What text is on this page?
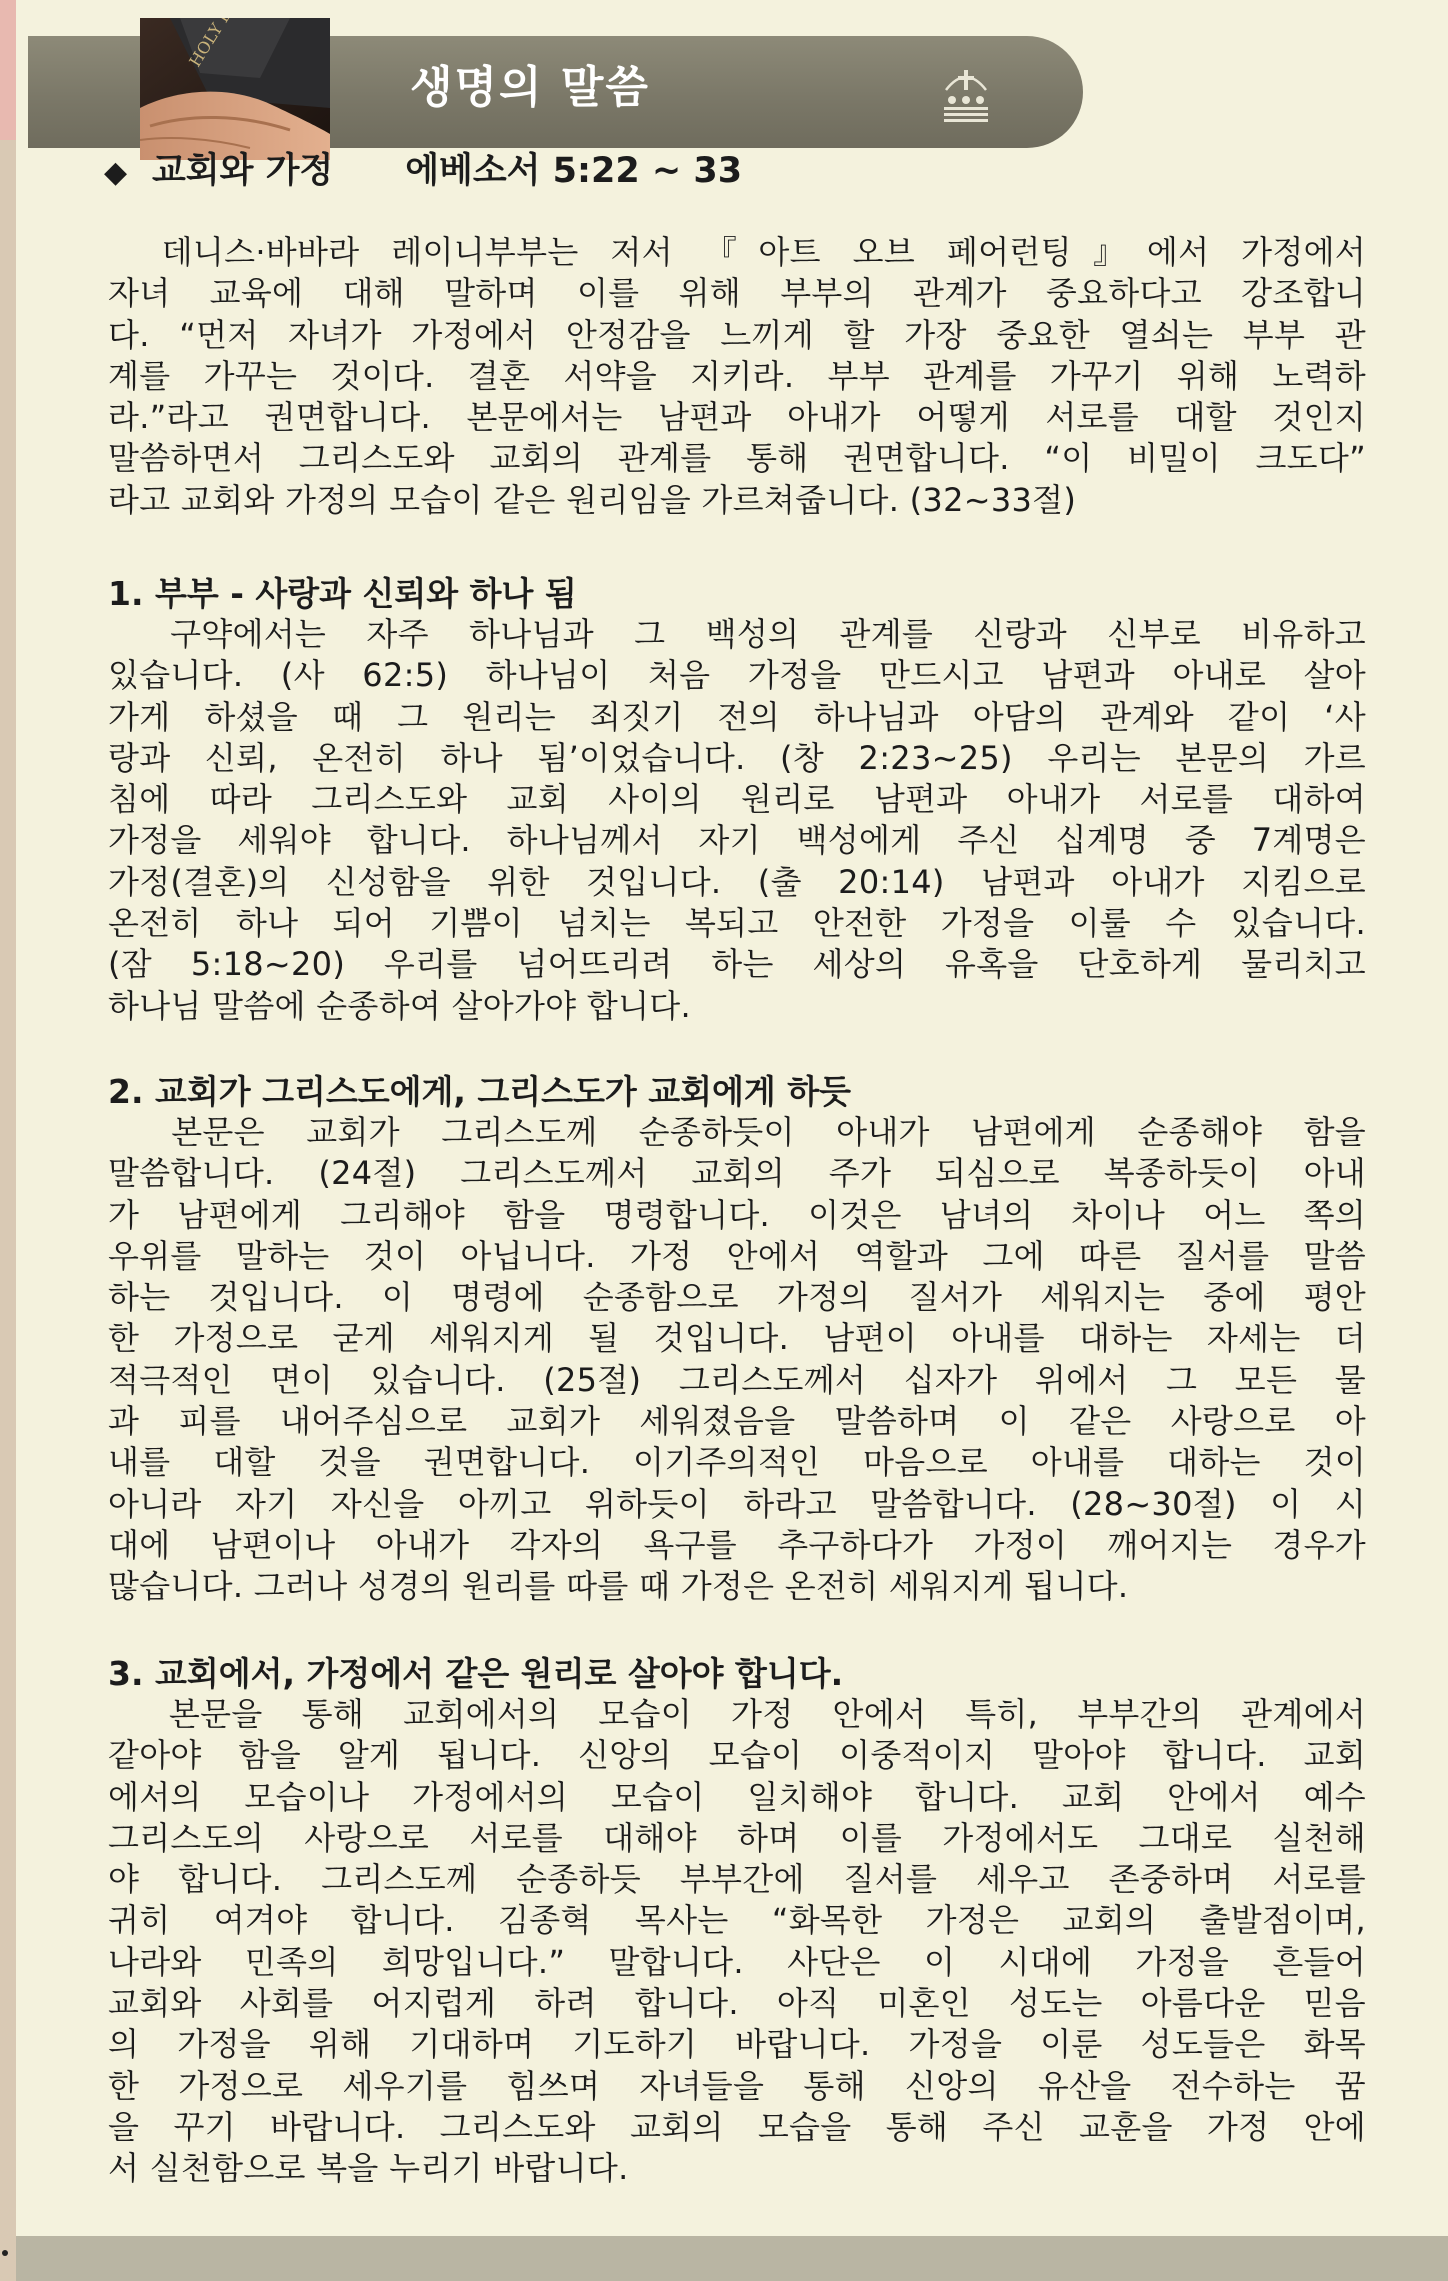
생명의 말씀
◆ 교회와 가정 에베소서 5:22 ~ 33
　데니스·바바라 레이니부부는 저서 『아트 오브 페어런팅』에서 가정에서
자녀 교육에 대해 말하며 이를 위해 부부의 관계가 중요하다고 강조합니
다. “먼저 자녀가 가정에서 안정감을 느끼게 할 가장 중요한 열쇠는 부부 관
계를 가꾸는 것이다. 결혼 서약을 지키라. 부부 관계를 가꾸기 위해 노력하
라.”라고 권면합니다. 본문에서는 남편과 아내가 어떻게 서로를 대할 것인지
말씀하면서 그리스도와 교회의 관계를 통해 권면합니다. “이 비밀이 크도다”
라고 교회와 가정의 모습이 같은 원리임을 가르쳐줍니다. (32~33절)
1. 부부 - 사랑과 신뢰와 하나 됨
　구약에서는 자주 하나님과 그 백성의 관계를 신랑과 신부로 비유하고
있습니다. (사 62:5) 하나님이 처음 가정을 만드시고 남편과 아내로 살아
가게 하셨을 때 그 원리는 죄짓기 전의 하나님과 아담의 관계와 같이 ‘사
랑과 신뢰, 온전히 하나 됨’이었습니다. (창 2:23~25) 우리는 본문의 가르
침에 따라 그리스도와 교회 사이의 원리로 남편과 아내가 서로를 대하여
가정을 세워야 합니다. 하나님께서 자기 백성에게 주신 십계명 중 7계명은
가정(결혼)의 신성함을 위한 것입니다. (출 20:14) 남편과 아내가 지킴으로
온전히 하나 되어 기쁨이 넘치는 복되고 안전한 가정을 이룰 수 있습니다.
(잠 5:18~20) 우리를 넘어뜨리려 하는 세상의 유혹을 단호하게 물리치고
하나님 말씀에 순종하여 살아가야 합니다.
2. 교회가 그리스도에게, 그리스도가 교회에게 하듯
　본문은 교회가 그리스도께 순종하듯이 아내가 남편에게 순종해야 함을
말씀합니다. (24절) 그리스도께서 교회의 주가 되심으로 복종하듯이 아내
가 남편에게 그리해야 함을 명령합니다. 이것은 남녀의 차이나 어느 쪽의
우위를 말하는 것이 아닙니다. 가정 안에서 역할과 그에 따른 질서를 말씀
하는 것입니다. 이 명령에 순종함으로 가정의 질서가 세워지는 중에 평안
한 가정으로 굳게 세워지게 될 것입니다. 남편이 아내를 대하는 자세는 더
적극적인 면이 있습니다. (25절) 그리스도께서 십자가 위에서 그 모든 물
과 피를 내어주심으로 교회가 세워졌음을 말씀하며 이 같은 사랑으로 아
내를 대할 것을 권면합니다. 이기주의적인 마음으로 아내를 대하는 것이
아니라 자기 자신을 아끼고 위하듯이 하라고 말씀합니다. (28~30절) 이 시
대에 남편이나 아내가 각자의 욕구를 추구하다가 가정이 깨어지는 경우가
많습니다. 그러나 성경의 원리를 따를 때 가정은 온전히 세워지게 됩니다.
3. 교회에서, 가정에서 같은 원리로 살아야 합니다.
　본문을 통해 교회에서의 모습이 가정 안에서 특히, 부부간의 관계에서
같아야 함을 알게 됩니다. 신앙의 모습이 이중적이지 말아야 합니다. 교회
에서의 모습이나 가정에서의 모습이 일치해야 합니다. 교회 안에서 예수
그리스도의 사랑으로 서로를 대해야 하며 이를 가정에서도 그대로 실천해
야 합니다. 그리스도께 순종하듯 부부간에 질서를 세우고 존중하며 서로를
귀히 여겨야 합니다. 김종혁 목사는 “화목한 가정은 교회의 출발점이며,
나라와 민족의 희망입니다.” 말합니다. 사단은 이 시대에 가정을 흔들어
교회와 사회를 어지럽게 하려 합니다. 아직 미혼인 성도는 아름다운 믿음
의 가정을 위해 기대하며 기도하기 바랍니다. 가정을 이룬 성도들은 화목
한 가정으로 세우기를 힘쓰며 자녀들을 통해 신앙의 유산을 전수하는 꿈
을 꾸기 바랍니다. 그리스도와 교회의 모습을 통해 주신 교훈을 가정 안에
서 실천함으로 복을 누리기 바랍니다.
